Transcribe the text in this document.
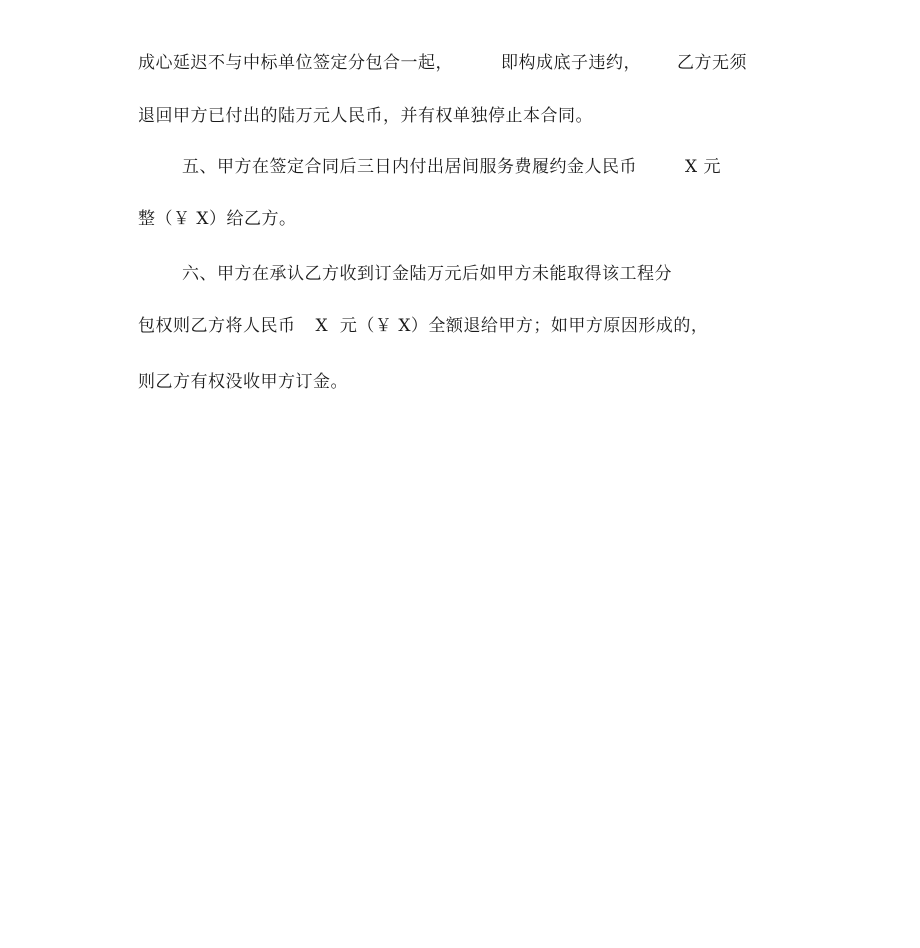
成心延迟不与中标单位签定分包合一起，	即构成底子违约， 乙方无须
退回甲方已付出的陆万元人民币，并有权单独停止本合同。
五、甲方在签定合同后三日内付出居间服务费履约金人民币	X 元
整（￥ X）给乙方。
六、甲方在承认乙方收到订金陆万元后如甲方未能取得该工程分
包权则乙方将人民币 X  元（￥ X）全额退给甲方；如甲方原因形成的，
则乙方有权没收甲方订金。
